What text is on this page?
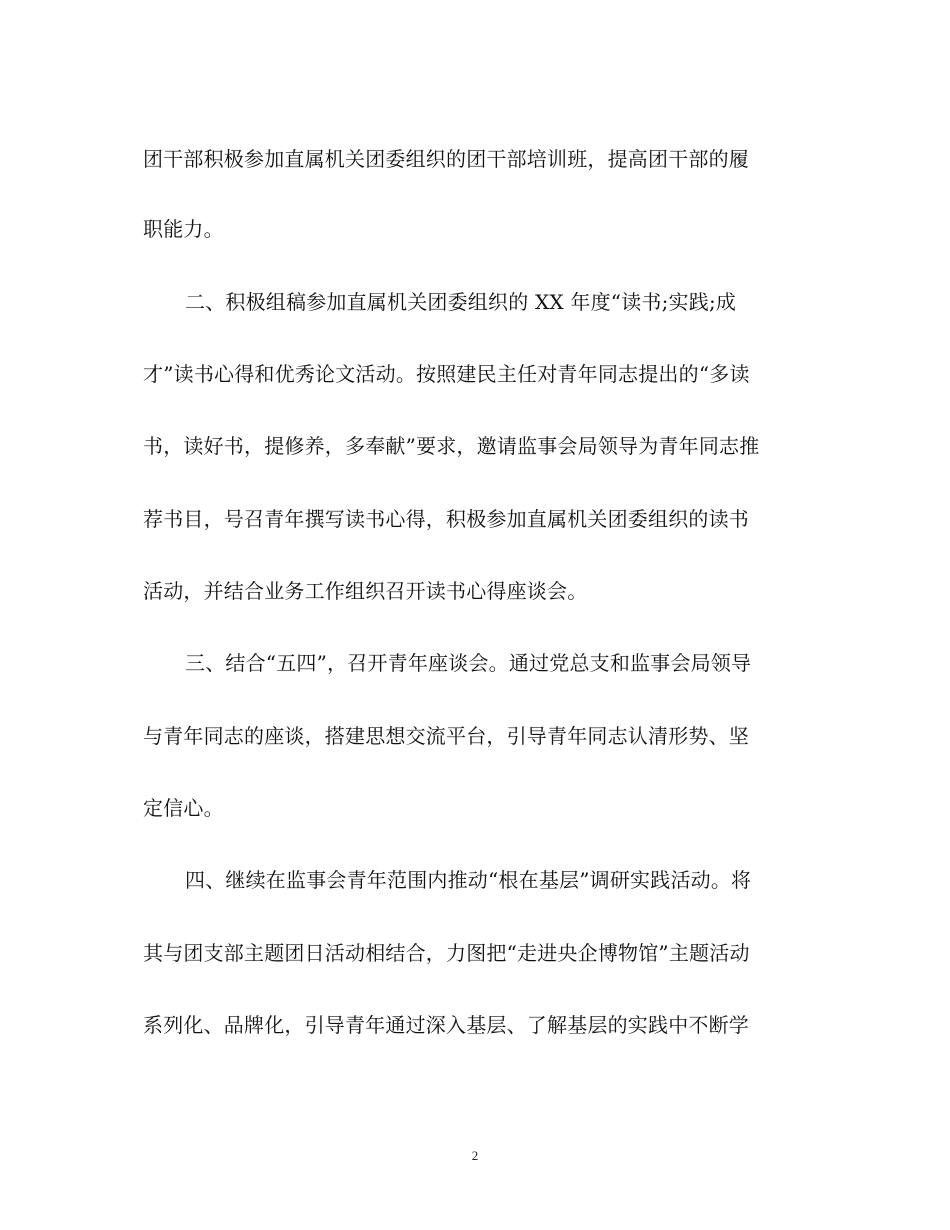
团干部积极参加直属机关团委组织的团干部培训班，提高团干部的履
职能力。
二、积极组稿参加直属机关团委组织的 XX 年度“读书;实践;成
才”读书心得和优秀论文活动。按照建民主任对青年同志提出的“多读
书，读好书，提修养，多奉献”要求，邀请监事会局领导为青年同志推
荐书目，号召青年撰写读书心得，积极参加直属机关团委组织的读书
活动，并结合业务工作组织召开读书心得座谈会。
三、结合“五四”，召开青年座谈会。通过党总支和监事会局领导
与青年同志的座谈，搭建思想交流平台，引导青年同志认清形势、坚
定信心。
四、继续在监事会青年范围内推动“根在基层”调研实践活动。将
其与团支部主题团日活动相结合，力图把“走进央企博物馆”主题活动
系列化、品牌化，引导青年通过深入基层、了解基层的实践中不断学
2
